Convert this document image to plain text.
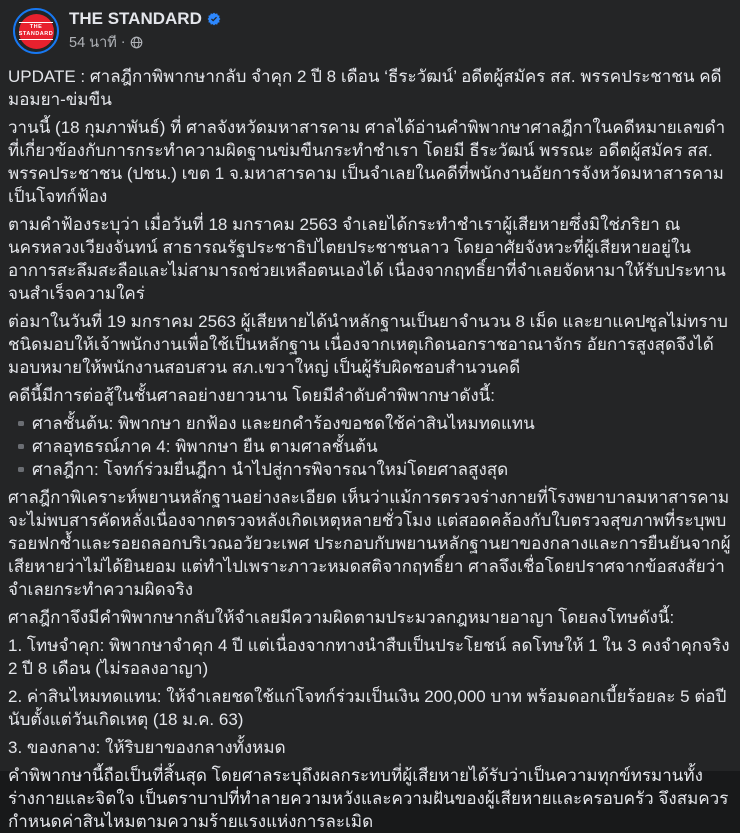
THE
STANDARD
THE STANDARD
54 นาที ·

UPDATE : ศาลฎีกาพิพากษากลับ จำคุก 2 ปี 8 เดือน ‘ธีระวัฒน์’ อดีตผู้สมัคร สส. พรรคประชาชน คดีมอมยา-ข่มขืน

วานนี้ (18 กุมภาพันธ์) ที่ ศาลจังหวัดมหาสารคาม ศาลได้อ่านคำพิพากษาศาลฎีกาในคดีหมายเลขดำที่เกี่ยวข้องกับการกระทำความผิดฐานข่มขืนกระทำชำเรา โดยมี ธีระวัฒน์ พรรณะ อดีตผู้สมัคร สส. พรรคประชาชน (ปชน.) เขต 1 จ.มหาสารคาม เป็นจำเลยในคดีที่พนักงานอัยการจังหวัดมหาสารคามเป็นโจทก์ฟ้อง

ตามคำฟ้องระบุว่า เมื่อวันที่ 18 มกราคม 2563 จำเลยได้กระทำชำเราผู้เสียหายซึ่งมิใช่ภริยา ณ นครหลวงเวียงจันทน์ สาธารณรัฐประชาธิปไตยประชาชนลาว โดยอาศัยจังหวะที่ผู้เสียหายอยู่ในอาการสะลึมสะลือและไม่สามารถช่วยเหลือตนเองได้ เนื่องจากฤทธิ์ยาที่จำเลยจัดหามาให้รับประทานจนสำเร็จความใคร่

ต่อมาในวันที่ 19 มกราคม 2563 ผู้เสียหายได้นำหลักฐานเป็นยาจำนวน 8 เม็ด และยาแคปซูลไม่ทราบชนิดมอบให้เจ้าพนักงานเพื่อใช้เป็นหลักฐาน เนื่องจากเหตุเกิดนอกราชอาณาจักร อัยการสูงสุดจึงได้มอบหมายให้พนักงานสอบสวน สภ.เขวาใหญ่ เป็นผู้รับผิดชอบสำนวนคดี

คดีนี้มีการต่อสู้ในชั้นศาลอย่างยาวนาน โดยมีลำดับคำพิพากษาดังนี้:

ศาลชั้นต้น: พิพากษา ยกฟ้อง และยกคำร้องขอชดใช้ค่าสินไหมทดแทน
ศาลอุทธรณ์ภาค 4: พิพากษา ยืน ตามศาลชั้นต้น
ศาลฎีกา: โจทก์ร่วมยื่นฎีกา นำไปสู่การพิจารณาใหม่โดยศาลสูงสุด

ศาลฎีกาพิเคราะห์พยานหลักฐานอย่างละเอียด เห็นว่าแม้การตรวจร่างกายที่โรงพยาบาลมหาสารคามจะไม่พบสารคัดหลั่งเนื่องจากตรวจหลังเกิดเหตุหลายชั่วโมง แต่สอดคล้องกับใบตรวจสุขภาพที่ระบุพบรอยฟกช้ำและรอยถลอกบริเวณอวัยวะเพศ ประกอบกับพยานหลักฐานยาของกลางและการยืนยันจากผู้เสียหายว่าไม่ได้ยินยอม แต่ทำไปเพราะภาวะหมดสติจากฤทธิ์ยา ศาลจึงเชื่อโดยปราศจากข้อสงสัยว่าจำเลยกระทำความผิดจริง

ศาลฎีกาจึงมีคำพิพากษากลับให้จำเลยมีความผิดตามประมวลกฎหมายอาญา โดยลงโทษดังนี้:

1. โทษจำคุก: พิพากษาจำคุก 4 ปี แต่เนื่องจากทางนำสืบเป็นประโยชน์ ลดโทษให้ 1 ใน 3 คงจำคุกจริง 2 ปี 8 เดือน (ไม่รอลงอาญา)

2. ค่าสินไหมทดแทน: ให้จำเลยชดใช้แก่โจทก์ร่วมเป็นเงิน 200,000 บาท พร้อมดอกเบี้ยร้อยละ 5 ต่อปี นับตั้งแต่วันเกิดเหตุ (18 ม.ค. 63)

3. ของกลาง: ให้ริบยาของกลางทั้งหมด

คำพิพากษานี้ถือเป็นที่สิ้นสุด โดยศาลระบุถึงผลกระทบที่ผู้เสียหายได้รับว่าเป็นความทุกข์ทรมานทั้งร่างกายและจิตใจ เป็นตราบาปที่ทำลายความหวังและความฝันของผู้เสียหายและครอบครัว จึงสมควรกำหนดค่าสินไหมตามความร้ายแรงแห่งการละเมิด
